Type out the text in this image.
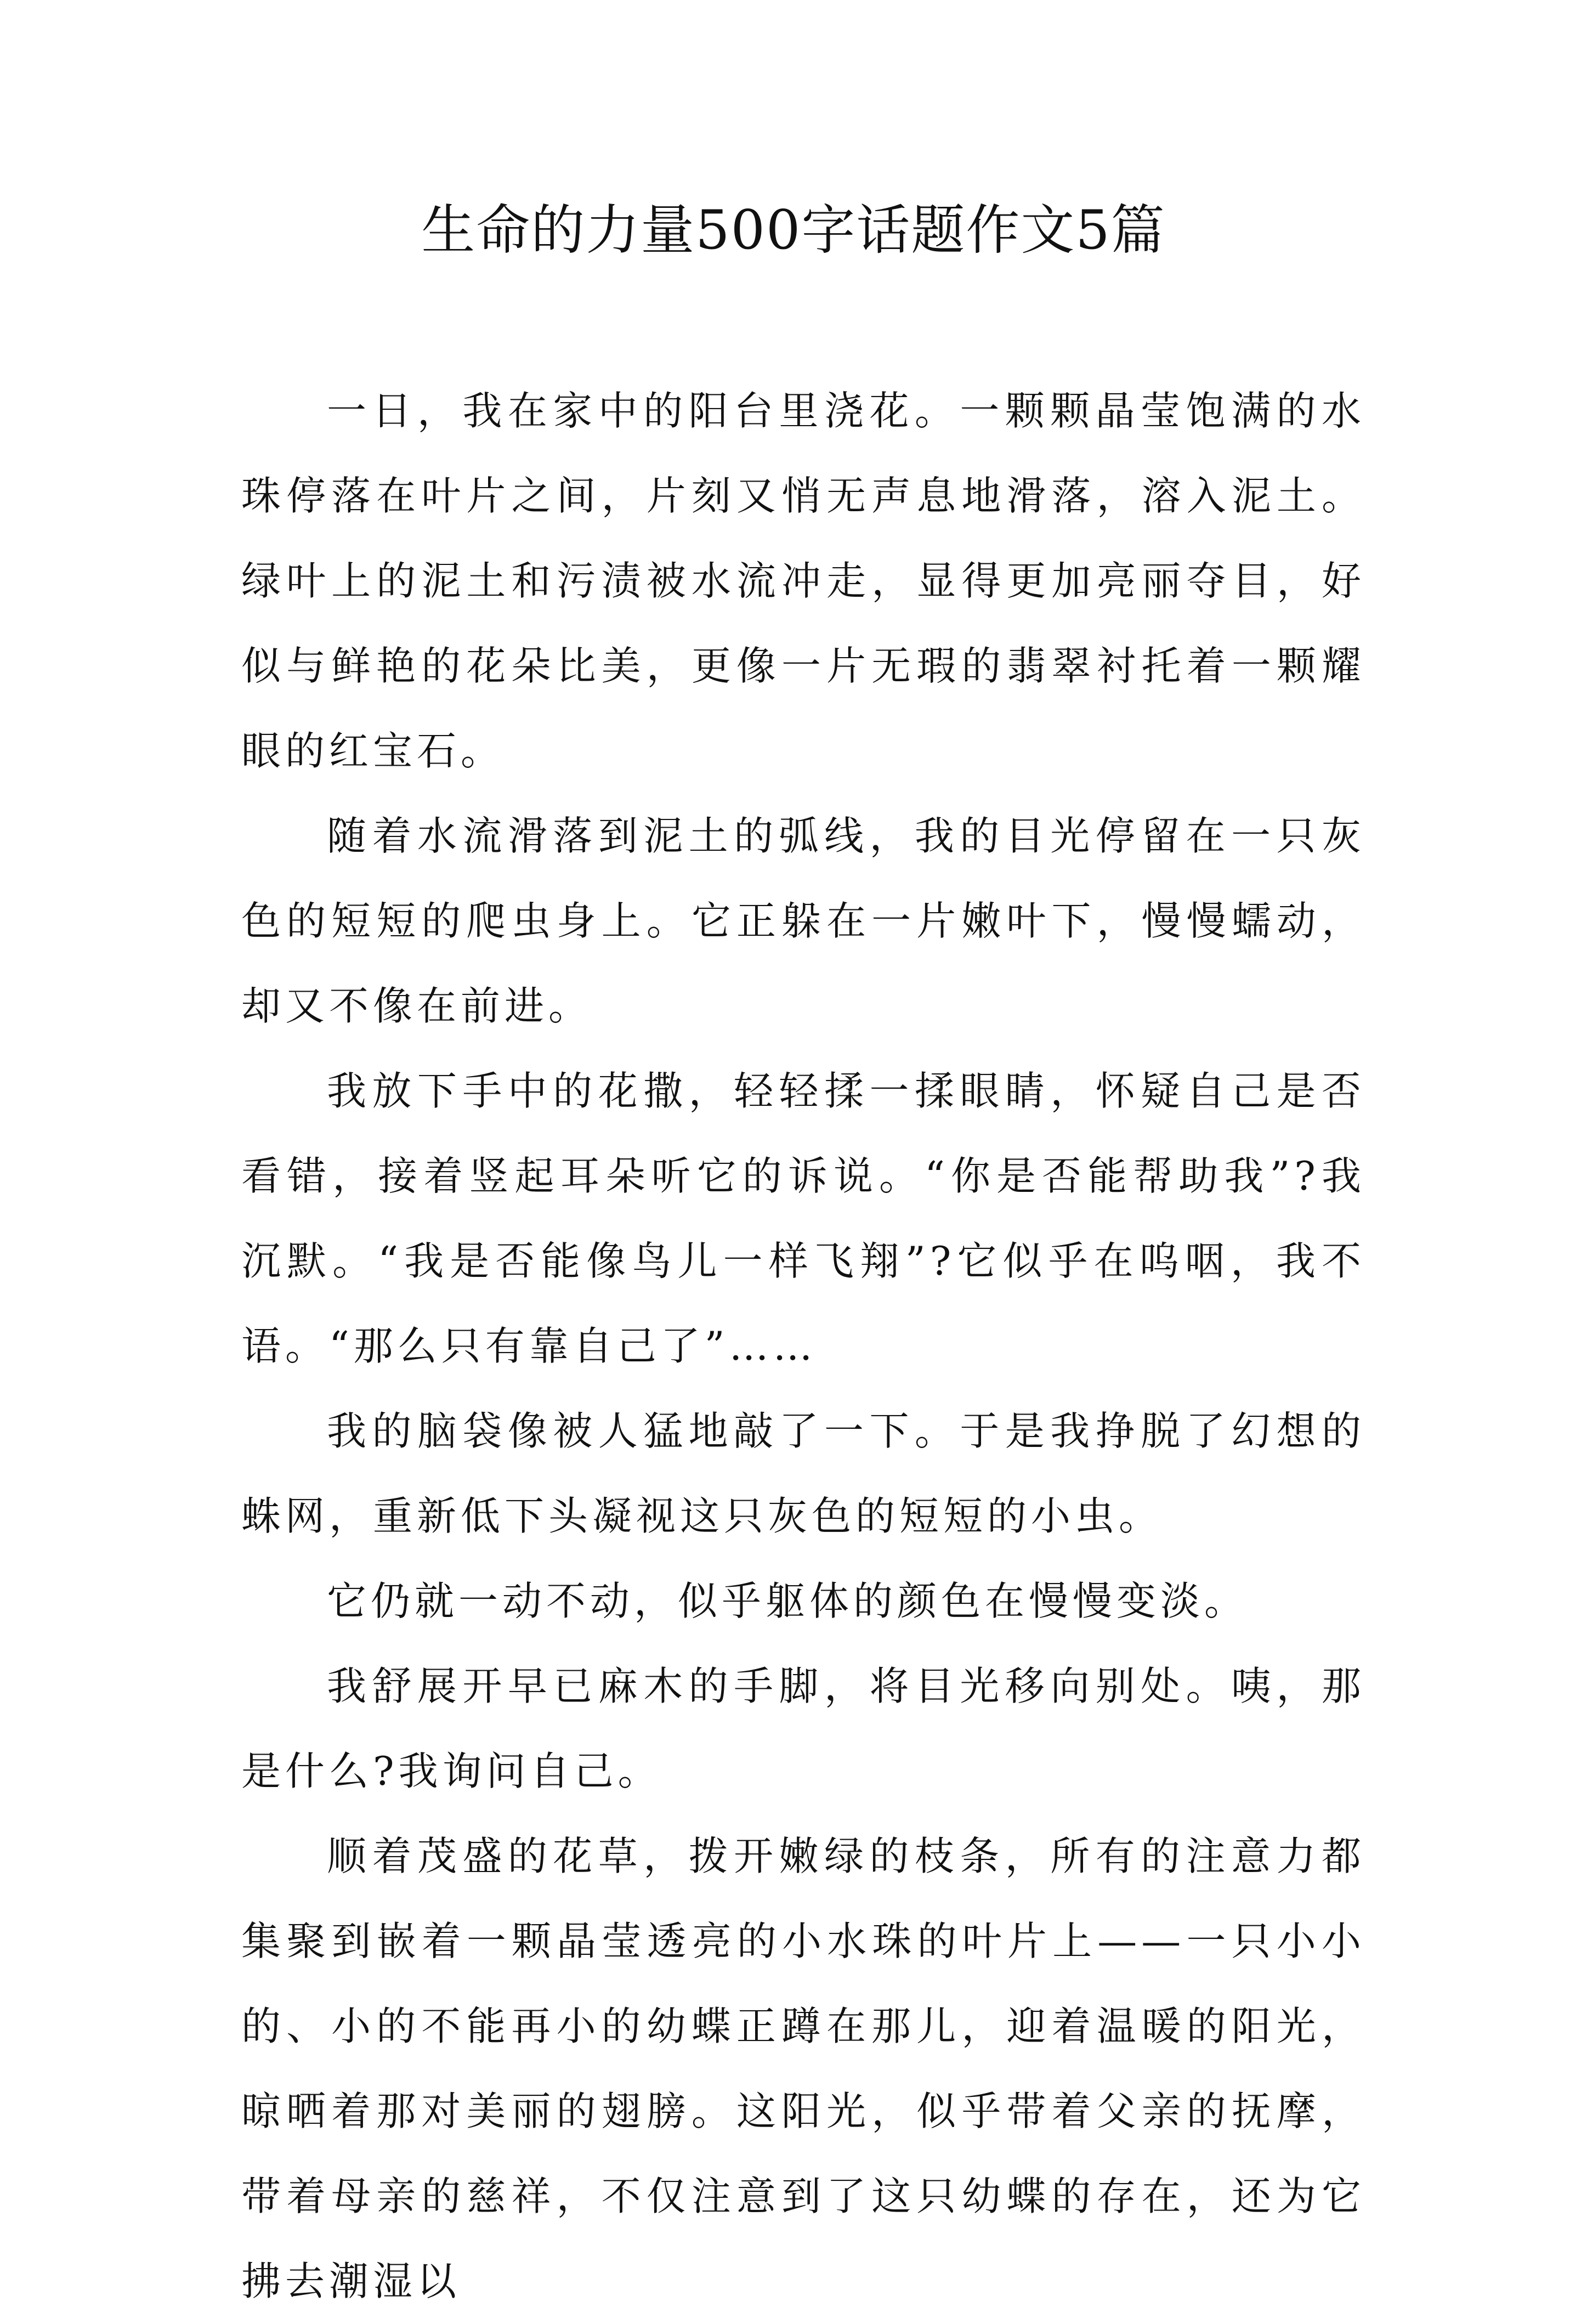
生命的力量500字话题作文5篇

一日，我在家中的阳台里浇花。一颗颗晶莹饱满的水珠停落在叶片之间，片刻又悄无声息地滑落，溶入泥土。绿叶上的泥土和污渍被水流冲走，显得更加亮丽夺目，好似与鲜艳的花朵比美，更像一片无瑕的翡翠衬托着一颗耀眼的红宝石。

随着水流滑落到泥土的弧线，我的目光停留在一只灰色的短短的爬虫身上。它正躲在一片嫩叶下，慢慢蠕动，却又不像在前进。

我放下手中的花撒，轻轻揉一揉眼睛，怀疑自己是否看错，接着竖起耳朵听它的诉说。“你是否能帮助我”?我沉默。“我是否能像鸟儿一样飞翔”?它似乎在呜咽，我不语。“那么只有靠自己了”……

我的脑袋像被人猛地敲了一下。于是我挣脱了幻想的蛛网，重新低下头凝视这只灰色的短短的小虫。

它仍就一动不动，似乎躯体的颜色在慢慢变淡。

我舒展开早已麻木的手脚，将目光移向别处。咦，那是什么?我询问自己。

顺着茂盛的花草，拨开嫩绿的枝条，所有的注意力都集聚到嵌着一颗晶莹透亮的小水珠的叶片上——一只小小的、小的不能再小的幼蝶正蹲在那儿，迎着温暖的阳光，晾晒着那对美丽的翅膀。这阳光，似乎带着父亲的抚摩，带着母亲的慈祥，不仅注意到了这只幼蝶的存在，还为它拂去潮湿以
